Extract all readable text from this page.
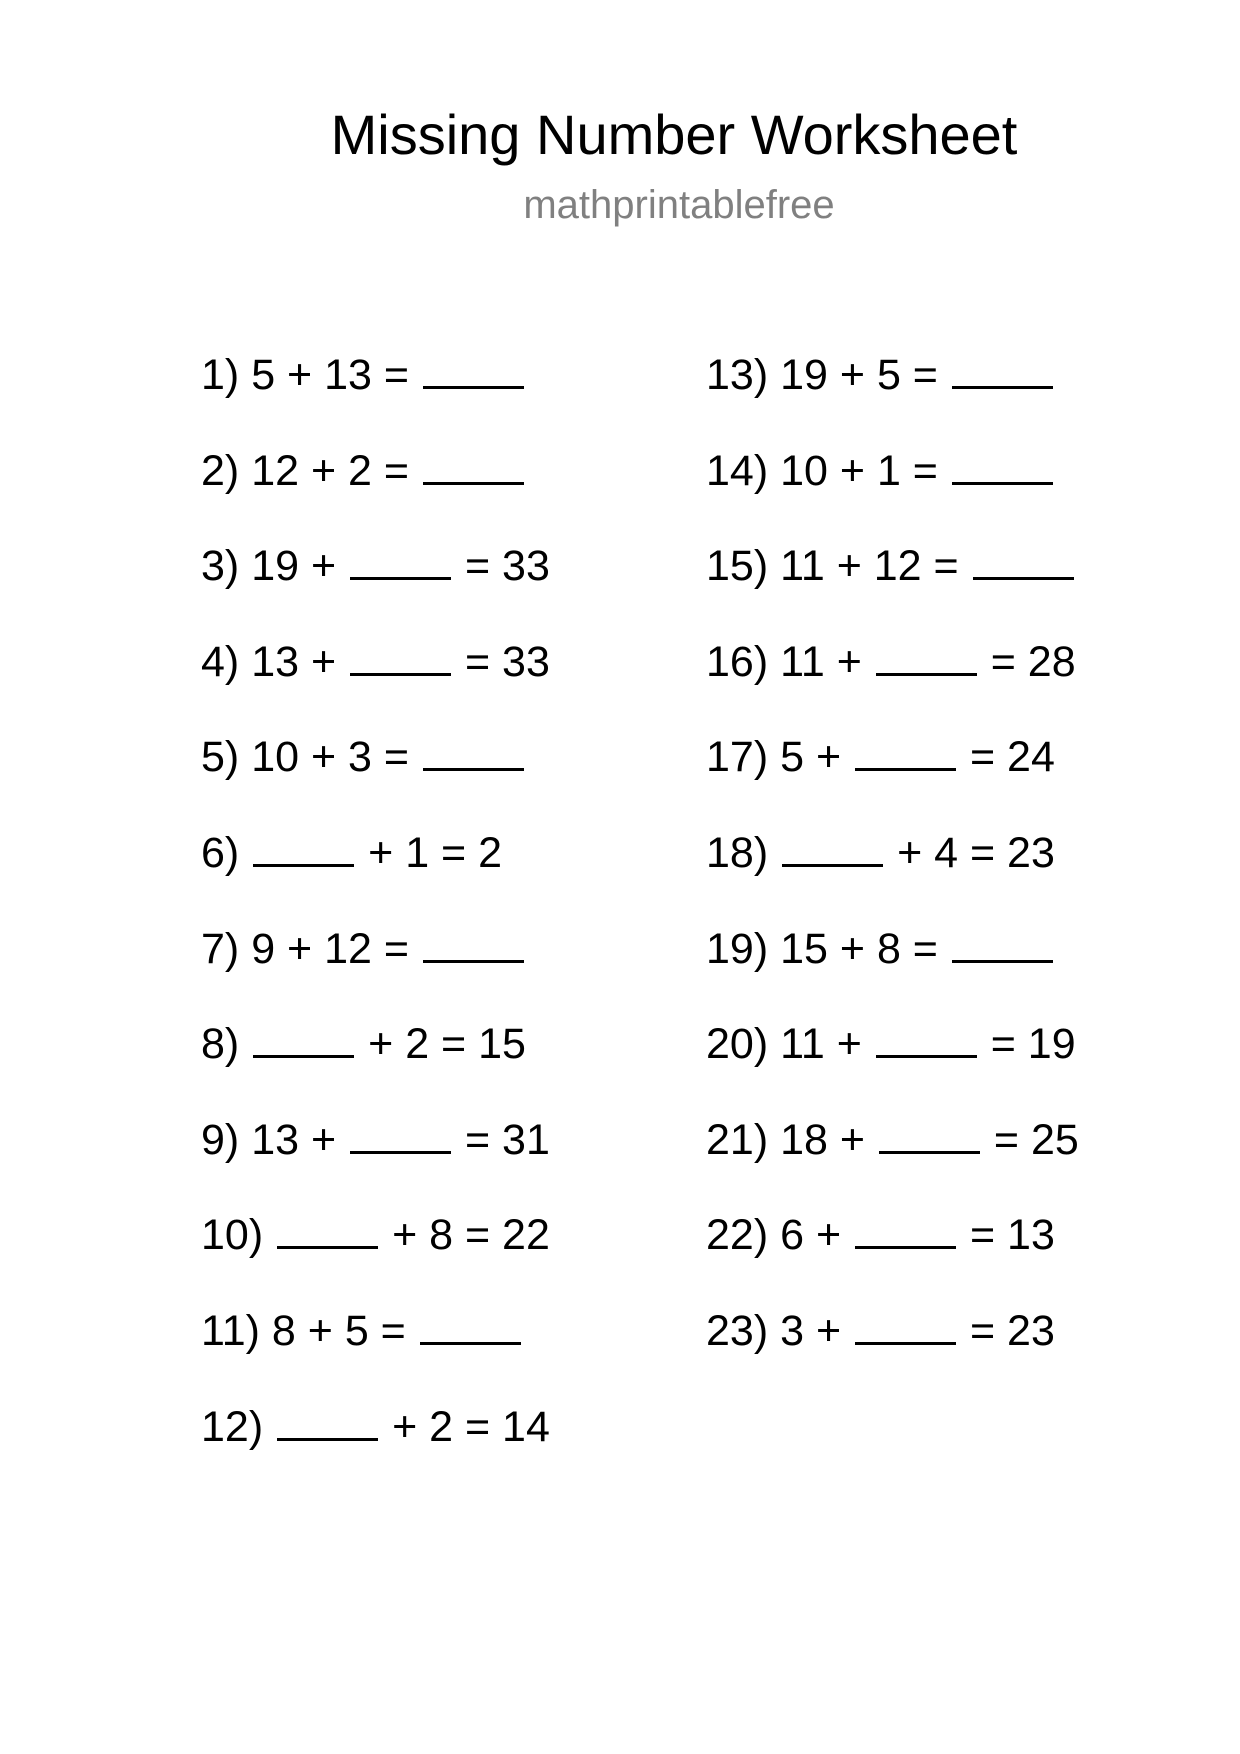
Missing Number Worksheet
mathprintablefree
1) 5 + 13 =
2) 12 + 2 =
3) 19 +	= 33
4) 13 +	= 33
5) 10 + 3 =
6)	+ 1 = 2
7) 9 + 12 =
8)	+ 2 = 15
9) 13 +	= 31
10)	+ 8 = 22
11) 8 + 5 =
12)	+ 2 = 14
13) 19 + 5 =
14) 10 + 1 =
15) 11 + 12 =
16) 11 +	= 28
17) 5 +	= 24
18)	+ 4 = 23
19) 15 + 8 =
20) 11 +	= 19
21) 18 +	= 25
22) 6 +	= 13
23) 3 +	= 23
